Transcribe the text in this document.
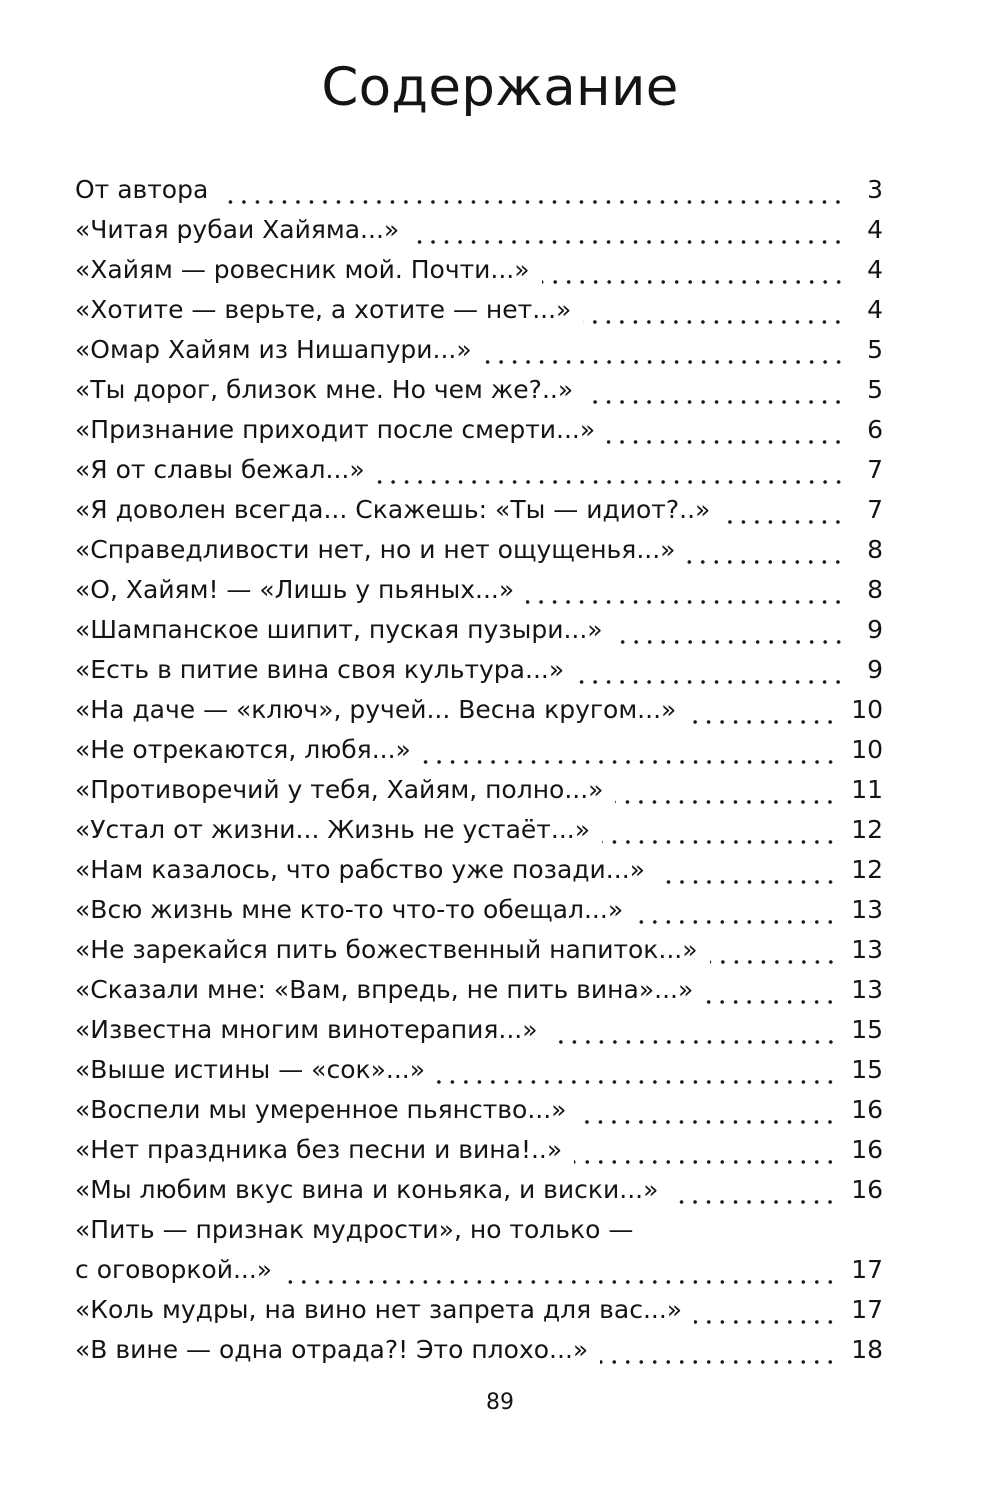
Содержание
От автора	3
«Читая рубаи Хайяма...»	4
«Хайям — ровесник мой. Почти...»	4
«Хотите — верьте, а хотите — нет...»	4
«Омар Хайям из Нишапури...»	5
«Ты дорог, близок мне. Но чем же?..»	5
«Признание приходит после смерти...»	6
«Я от славы бежал...»	7
«Я доволен всегда... Скажешь: «Ты — идиот?..»	7
«Справедливости нет, но и нет ощущенья...»	8
«О, Хайям! — «Лишь у пьяных...»	8
«Шампанское шипит, пуская пузыри...»	9
«Есть в питие вина своя культура...»	9
«На даче — «ключ», ручей... Весна кругом...»	10
«Не отрекаются, любя...»	10
«Противоречий у тебя, Хайям, полно...»	11
«Устал от жизни... Жизнь не устаёт...»	12
«Нам казалось, что рабство уже позади...»	12
«Всю жизнь мне кто-то что-то обещал...»	13
«Не зарекайся пить божественный напиток...»	13
«Сказали мне: «Вам, впредь, не пить вина»...»	13
«Известна многим винотерапия...»	15
«Выше истины — «сок»...»	15
«Воспели мы умеренное пьянство...»	16
«Нет праздника без песни и вина!..»	16
«Мы любим вкус вина и коньяка, и виски...»	16
«Пить — признак мудрости», но только —
с оговоркой...»	17
«Коль мудры, на вино нет запрета для вас...»	17
«В вине — одна отрада?! Это плохо...»	18
89
